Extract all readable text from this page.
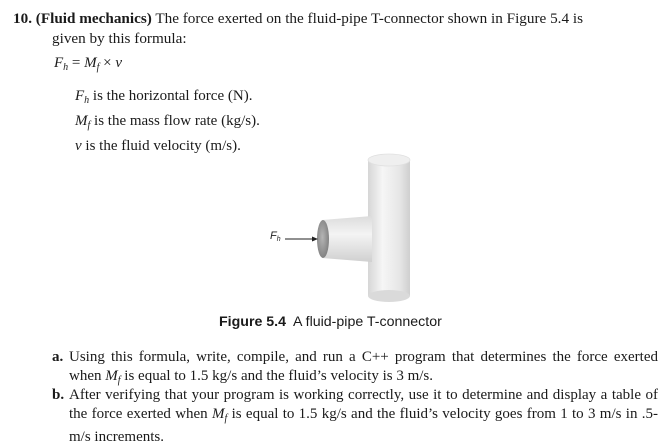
10. (Fluid mechanics) The force exerted on the fluid-pipe T-connector shown in Figure 5.4 is
given by this formula:
$F_h = M_f \times v$
$F_h$ is the horizontal force (N).
$M_f$ is the mass flow rate (kg/s).
v is the fluid velocity (m/s).
$F_h$
Figure 5.4 A fluid-pipe T-connector
a. Using this formula, write, compile, and run a C++ program that determines the force exerted when $M_f$ is equal to 1.5 kg/s and the fluid’s velocity is 3 m/s.
b. After verifying that your program is working correctly, use it to determine and display a table of the force exerted when $M_f$ is equal to 1.5 kg/s and the fluid’s velocity goes from 1 to 3 m/s in .5-m/s increments.
